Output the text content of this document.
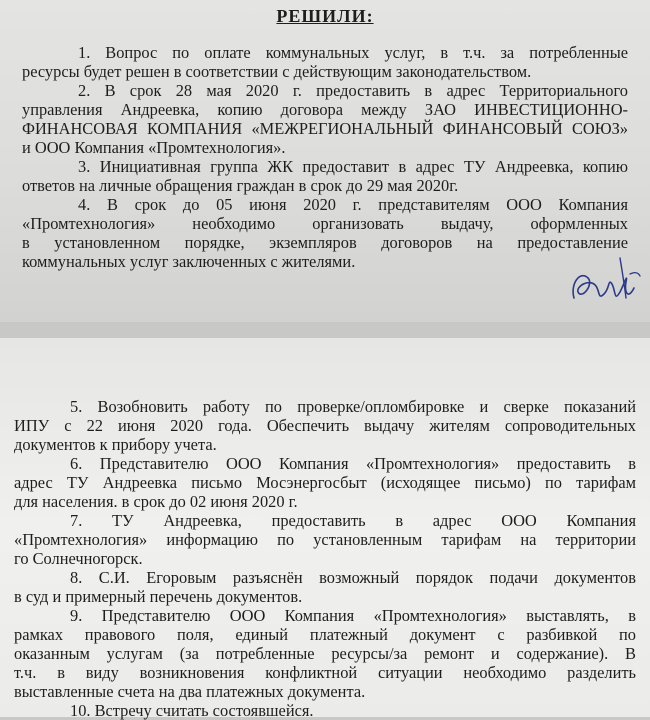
РЕШИЛИ:
1. Вопрос по оплате коммунальных услуг, в т.ч. за потребленные
ресурсы будет решен в соответствии с действующим законодательством.
2. В срок 28 мая 2020 г. предоставить в адрес Территориального
управления Андреевка, копию договора между ЗАО ИНВЕСТИЦИОННО-
ФИНАНСОВАЯ КОМПАНИЯ «МЕЖРЕГИОНАЛЬНЫЙ ФИНАНСОВЫЙ СОЮЗ»
и ООО Компания «Промтехнология».
3. Инициативная группа ЖК предоставит в адрес ТУ Андреевка, копию
ответов на личные обращения граждан в срок до 29 мая 2020г.
4. В срок до 05 июня 2020 г. представителям ООО Компания
«Промтехнология» необходимо организовать выдачу, оформленных
в установленном порядке, экземпляров договоров на предоставление
коммунальных услуг заключенных с жителями.
5. Возобновить работу по проверке/опломбировке и сверке показаний
ИПУ с 22 июня 2020 года. Обеспечить выдачу жителям сопроводительных
документов к прибору учета.
6. Представителю ООО Компания «Промтехнология» предоставить в
адрес ТУ Андреевка письмо Мосэнергосбыт (исходящее письмо) по тарифам
для населения. в срок до 02 июня 2020 г.
7. ТУ Андреевка, предоставить в адрес ООО Компания
«Промтехнология» информацию по установленным тарифам на территории
го Солнечногорск.
8. С.И. Егоровым разъяснён возможный порядок подачи документов
в суд и примерный перечень документов.
9. Представителю ООО Компания «Промтехнология» выставлять, в
рамках правового поля, единый платежный документ с разбивкой по
оказанным услугам (за потребленные ресурсы/за ремонт и содержание). В
т.ч. в виду возникновения конфликтной ситуации необходимо разделить
выставленные счета на два платежных документа.
10. Встречу считать состоявшейся.
